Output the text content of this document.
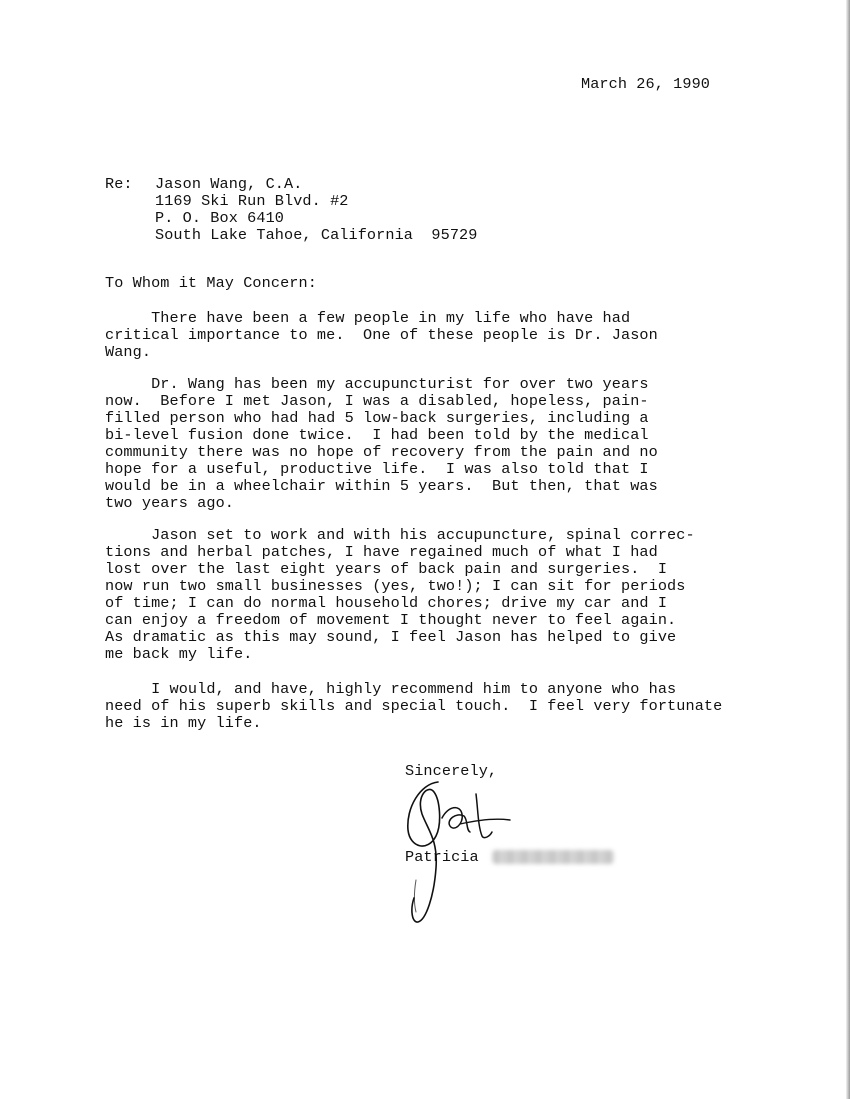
March 26, 1990
Re: Jason Wang, C.A.
1169 Ski Run Blvd. #2
P. O. Box 6410
South Lake Tahoe, California  95729
To Whom it May Concern:
There have been a few people in my life who have had
critical importance to me.  One of these people is Dr. Jason
Wang.
Dr. Wang has been my accupuncturist for over two years
now.  Before I met Jason, I was a disabled, hopeless, pain-
filled person who had had 5 low-back surgeries, including a
bi-level fusion done twice.  I had been told by the medical
community there was no hope of recovery from the pain and no
hope for a useful, productive life.  I was also told that I
would be in a wheelchair within 5 years.  But then, that was
two years ago.
Jason set to work and with his accupuncture, spinal correc-
tions and herbal patches, I have regained much of what I had
lost over the last eight years of back pain and surgeries.  I
now run two small businesses (yes, two!); I can sit for periods
of time; I can do normal household chores; drive my car and I
can enjoy a freedom of movement I thought never to feel again.
As dramatic as this may sound, I feel Jason has helped to give
me back my life.
I would, and have, highly recommend him to anyone who has
need of his superb skills and special touch.  I feel very fortunate
he is in my life.
Sincerely,
Patricia
